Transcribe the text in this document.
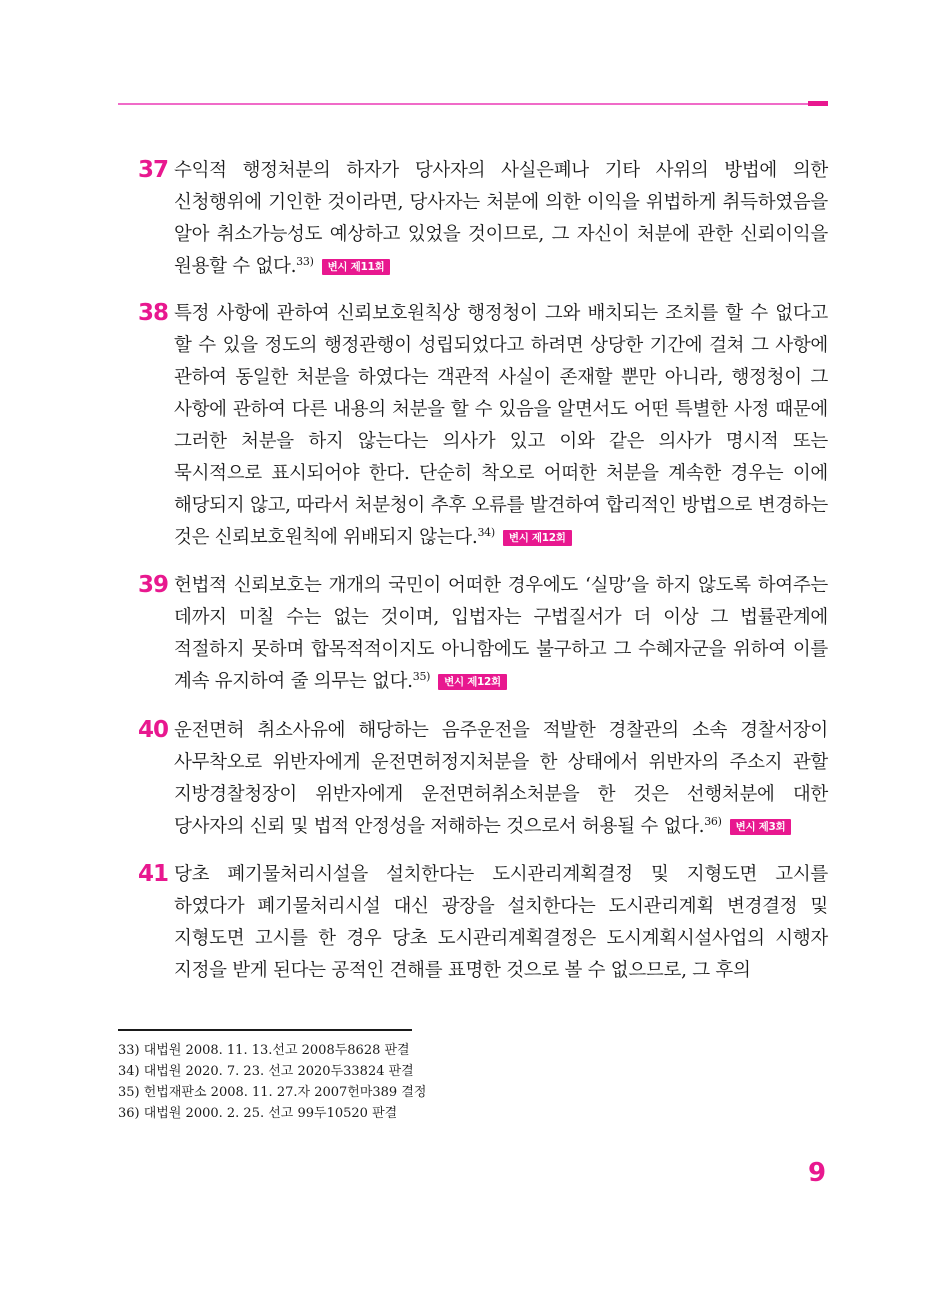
37 수익적 행정처분의 하자가 당사자의 사실은폐나 기타 사위의 방법에 의한 신청행위에 기인한 것이라면, 당사자는 처분에 의한 이익을 위법하게 취득하였음을 알아 취소가능성도 예상하고 있었을 것이므로, 그 자신이 처분에 관한 신뢰이익을 원용할 수 없다.$^{33)}$ 변시 제11회
38 특정 사항에 관하여 신뢰보호원칙상 행정청이 그와 배치되는 조치를 할 수 없다고 할 수 있을 정도의 행정관행이 성립되었다고 하려면 상당한 기간에 걸쳐 그 사항에 관하여 동일한 처분을 하였다는 객관적 사실이 존재할 뿐만 아니라, 행정청이 그 사항에 관하여 다른 내용의 처분을 할 수 있음을 알면서도 어떤 특별한 사정 때문에 그러한 처분을 하지 않는다는 의사가 있고 이와 같은 의사가 명시적 또는 묵시적으로 표시되어야 한다. 단순히 착오로 어떠한 처분을 계속한 경우는 이에 해당되지 않고, 따라서 처분청이 추후 오류를 발견하여 합리적인 방법으로 변경하는 것은 신뢰보호원칙에 위배되지 않는다.$^{34)}$ 변시 제12회
39 헌법적 신뢰보호는 개개의 국민이 어떠한 경우에도 ‘실망’을 하지 않도록 하여주는 데까지 미칠 수는 없는 것이며, 입법자는 구법질서가 더 이상 그 법률관계에 적절하지 못하며 합목적적이지도 아니함에도 불구하고 그 수혜자군을 위하여 이를 계속 유지하여 줄 의무는 없다.$^{35)}$ 변시 제12회
40 운전면허 취소사유에 해당하는 음주운전을 적발한 경찰관의 소속 경찰서장이 사무착오로 위반자에게 운전면허정지처분을 한 상태에서 위반자의 주소지 관할 지방경찰청장이 위반자에게 운전면허취소처분을 한 것은 선행처분에 대한 당사자의 신뢰 및 법적 안정성을 저해하는 것으로서 허용될 수 없다.$^{36)}$ 변시 제3회
41 당초 폐기물처리시설을 설치한다는 도시관리계획결정 및 지형도면 고시를 하였다가 폐기물처리시설 대신 광장을 설치한다는 도시관리계획 변경결정 및 지형도면 고시를 한 경우 당초 도시관리계획결정은 도시계획시설사업의 시행자 지정을 받게 된다는 공적인 견해를 표명한 것으로 볼 수 없으므로, 그 후의
33) 대법원 2008. 11. 13.선고 2008두8628 판결
34) 대법원 2020. 7. 23. 선고 2020두33824 판결
35) 헌법재판소 2008. 11. 27.자 2007헌마389 결정
36) 대법원 2000. 2. 25. 선고 99두10520 판결
9
